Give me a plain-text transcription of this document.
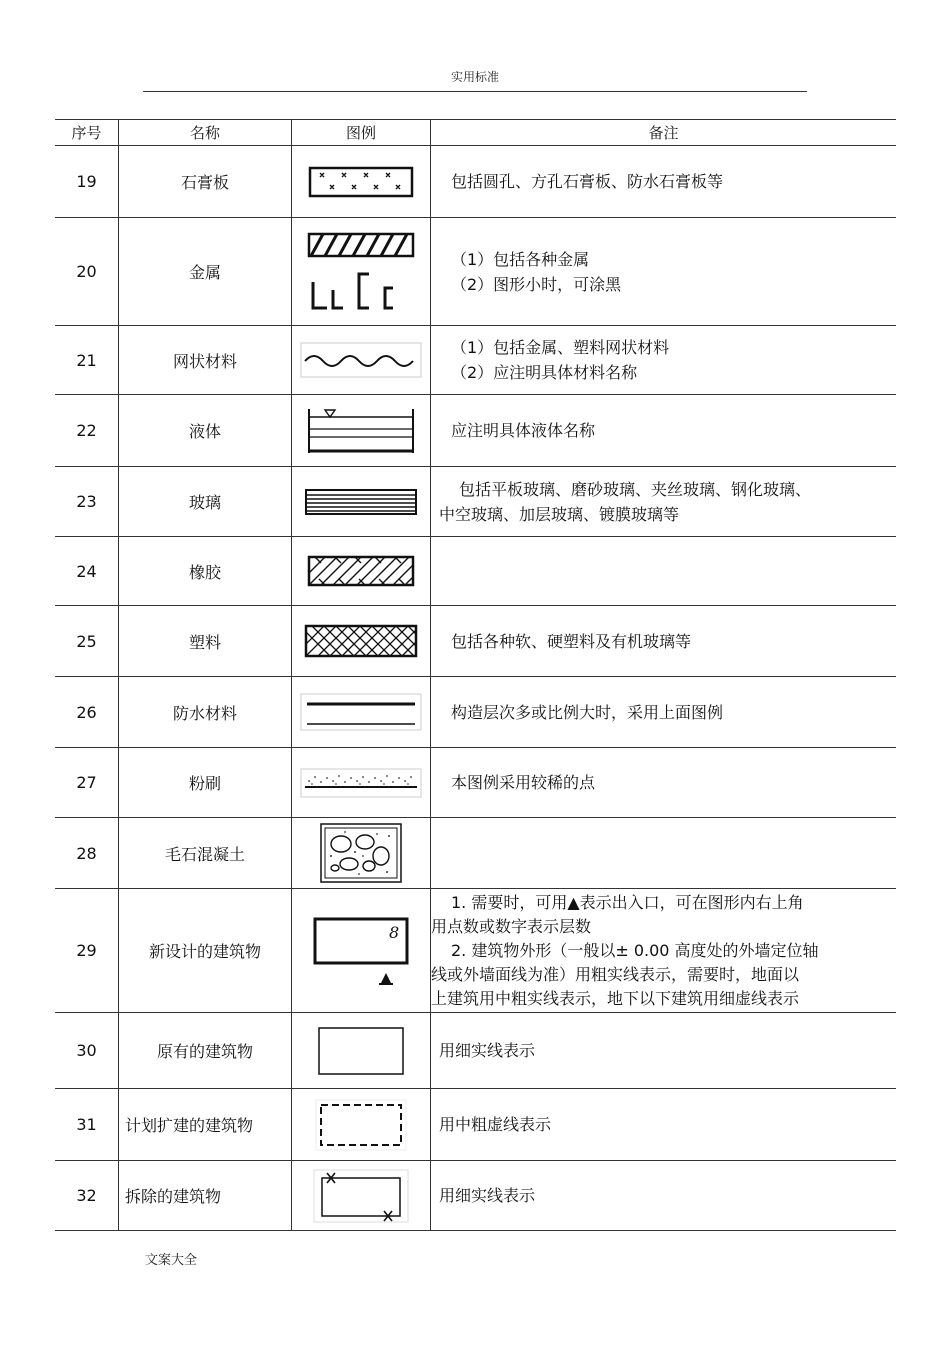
实用标准
序号	名称	图例	备注
19	石膏板		包括圆孔、方孔石膏板、防水石膏板等

20	金属		（1）包括各种金属
（2）图形小时，可涂黑

21	网状材料		（1）包括金属、塑料网状材料
（2）应注明具体材料名称

22	液体		应注明具体液体名称

23	玻璃		包括平板玻璃、磨砂玻璃、夹丝玻璃、钢化玻璃、
中空玻璃、加层玻璃、镀膜玻璃等

24	橡胶	

25	塑料		包括各种软、硬塑料及有机玻璃等

26	防水材料		构造层次多或比例大时，采用上面图例

27	粉刷		本图例采用较稀的点

28	毛石混凝土	

29	新设计的建筑物	8	1. 需要时，可用▲表示出入口，可在图形内右上角
用点数或数字表示层数
2. 建筑物外形（一般以± 0.00 高度处的外墙定位轴
线或外墙面线为准）用粗实线表示，需要时，地面以
上建筑用中粗实线表示，地下以下建筑用细虚线表示

30	原有的建筑物		用细实线表示

31	计划扩建的建筑物		用中粗虚线表示

32	拆除的建筑物		用细实线表示
文案大全
